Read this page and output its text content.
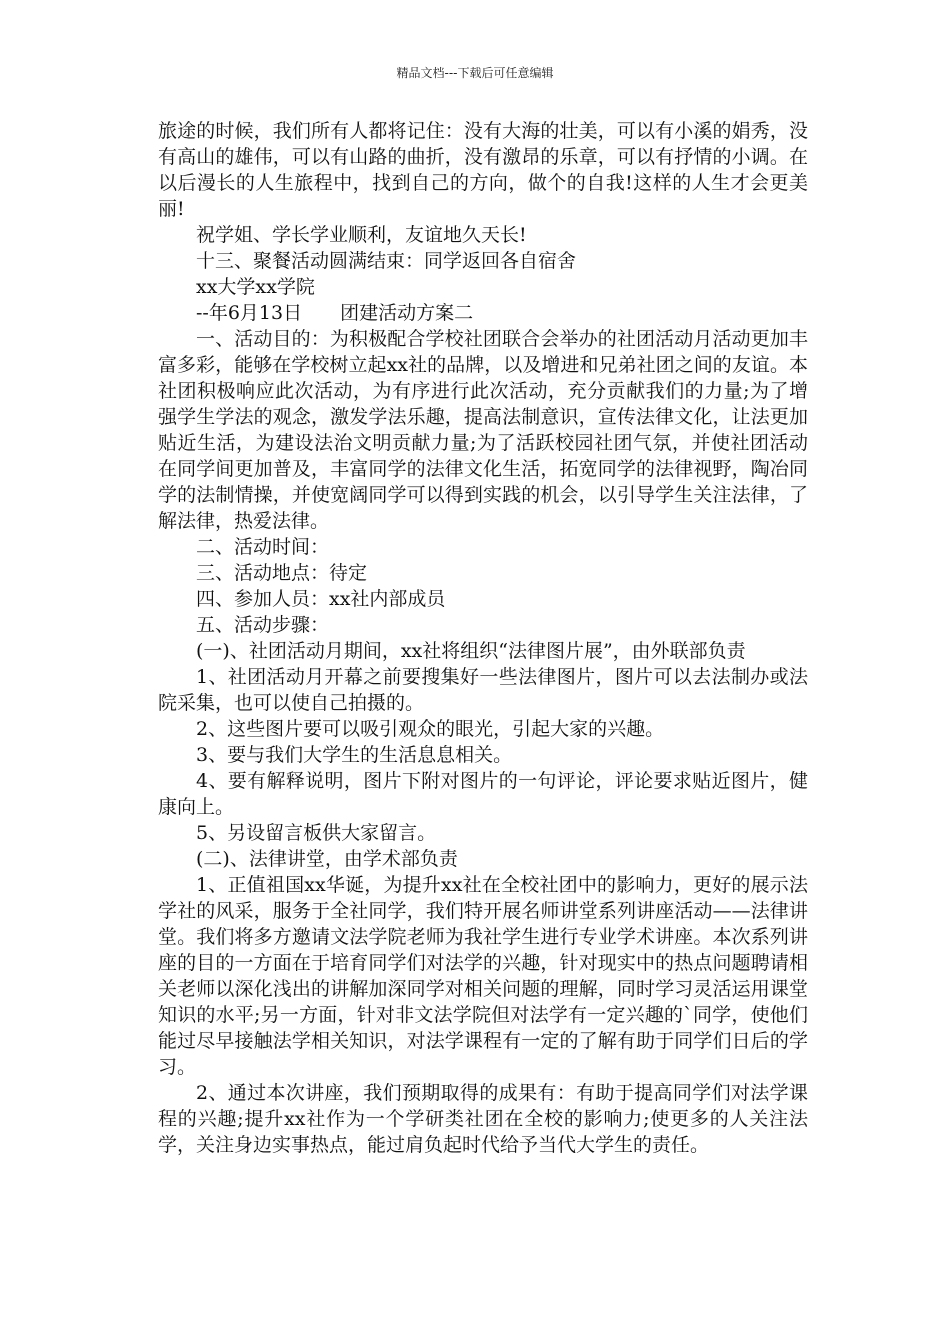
精品文档---下载后可任意编辑

旅途的时候，我们所有人都将记住：没有大海的壮美，可以有小溪的娟秀，没有高山的雄伟，可以有山路的曲折，没有激昂的乐章，可以有抒情的小调。在以后漫长的人生旅程中，找到自己的方向，做个的自我!这样的人生才会更美丽!

祝学姐、学长学业顺利，友谊地久天长!

十三、聚餐活动圆满结束：同学返回各自宿舍

xx大学xx学院

--年6月13日　　团建活动方案二

一、活动目的：为积极配合学校社团联合会举办的社团活动月活动更加丰富多彩，能够在学校树立起xx社的品牌，以及增进和兄弟社团之间的友谊。本社团积极响应此次活动，为有序进行此次活动，充分贡献我们的力量;为了增强学生学法的观念，激发学法乐趣，提高法制意识，宣传法律文化，让法更加贴近生活，为建设法治文明贡献力量;为了活跃校园社团气氛，并使社团活动在同学间更加普及，丰富同学的法律文化生活，拓宽同学的法律视野，陶冶同学的法制情操，并使宽阔同学可以得到实践的机会，以引导学生关注法律，了解法律，热爱法律。

二、活动时间：

三、活动地点：待定

四、参加人员：xx社内部成员

五、活动步骤：

(一)、社团活动月期间，xx社将组织“法律图片展”，由外联部负责

1、社团活动月开幕之前要搜集好一些法律图片，图片可以去法制办或法院采集，也可以使自己拍摄的。

2、这些图片要可以吸引观众的眼光，引起大家的兴趣。

3、要与我们大学生的生活息息相关。

4、要有解释说明，图片下附对图片的一句评论，评论要求贴近图片，健康向上。

5、另设留言板供大家留言。

(二)、法律讲堂，由学术部负责

1、正值祖国xx华诞，为提升xx社在全校社团中的影响力，更好的展示法学社的风采，服务于全社同学，我们特开展名师讲堂系列讲座活动——法律讲堂。我们将多方邀请文法学院老师为我社学生进行专业学术讲座。本次系列讲座的目的一方面在于培育同学们对法学的兴趣，针对现实中的热点问题聘请相关老师以深化浅出的讲解加深同学对相关问题的理解，同时学习灵活运用课堂知识的水平;另一方面，针对非文法学院但对法学有一定兴趣的`同学，使他们能过尽早接触法学相关知识，对法学课程有一定的了解有助于同学们日后的学习。

2、通过本次讲座，我们预期取得的成果有：有助于提高同学们对法学课程的兴趣;提升xx社作为一个学研类社团在全校的影响力;使更多的人关注法学，关注身边实事热点，能过肩负起时代给予当代大学生的责任。
